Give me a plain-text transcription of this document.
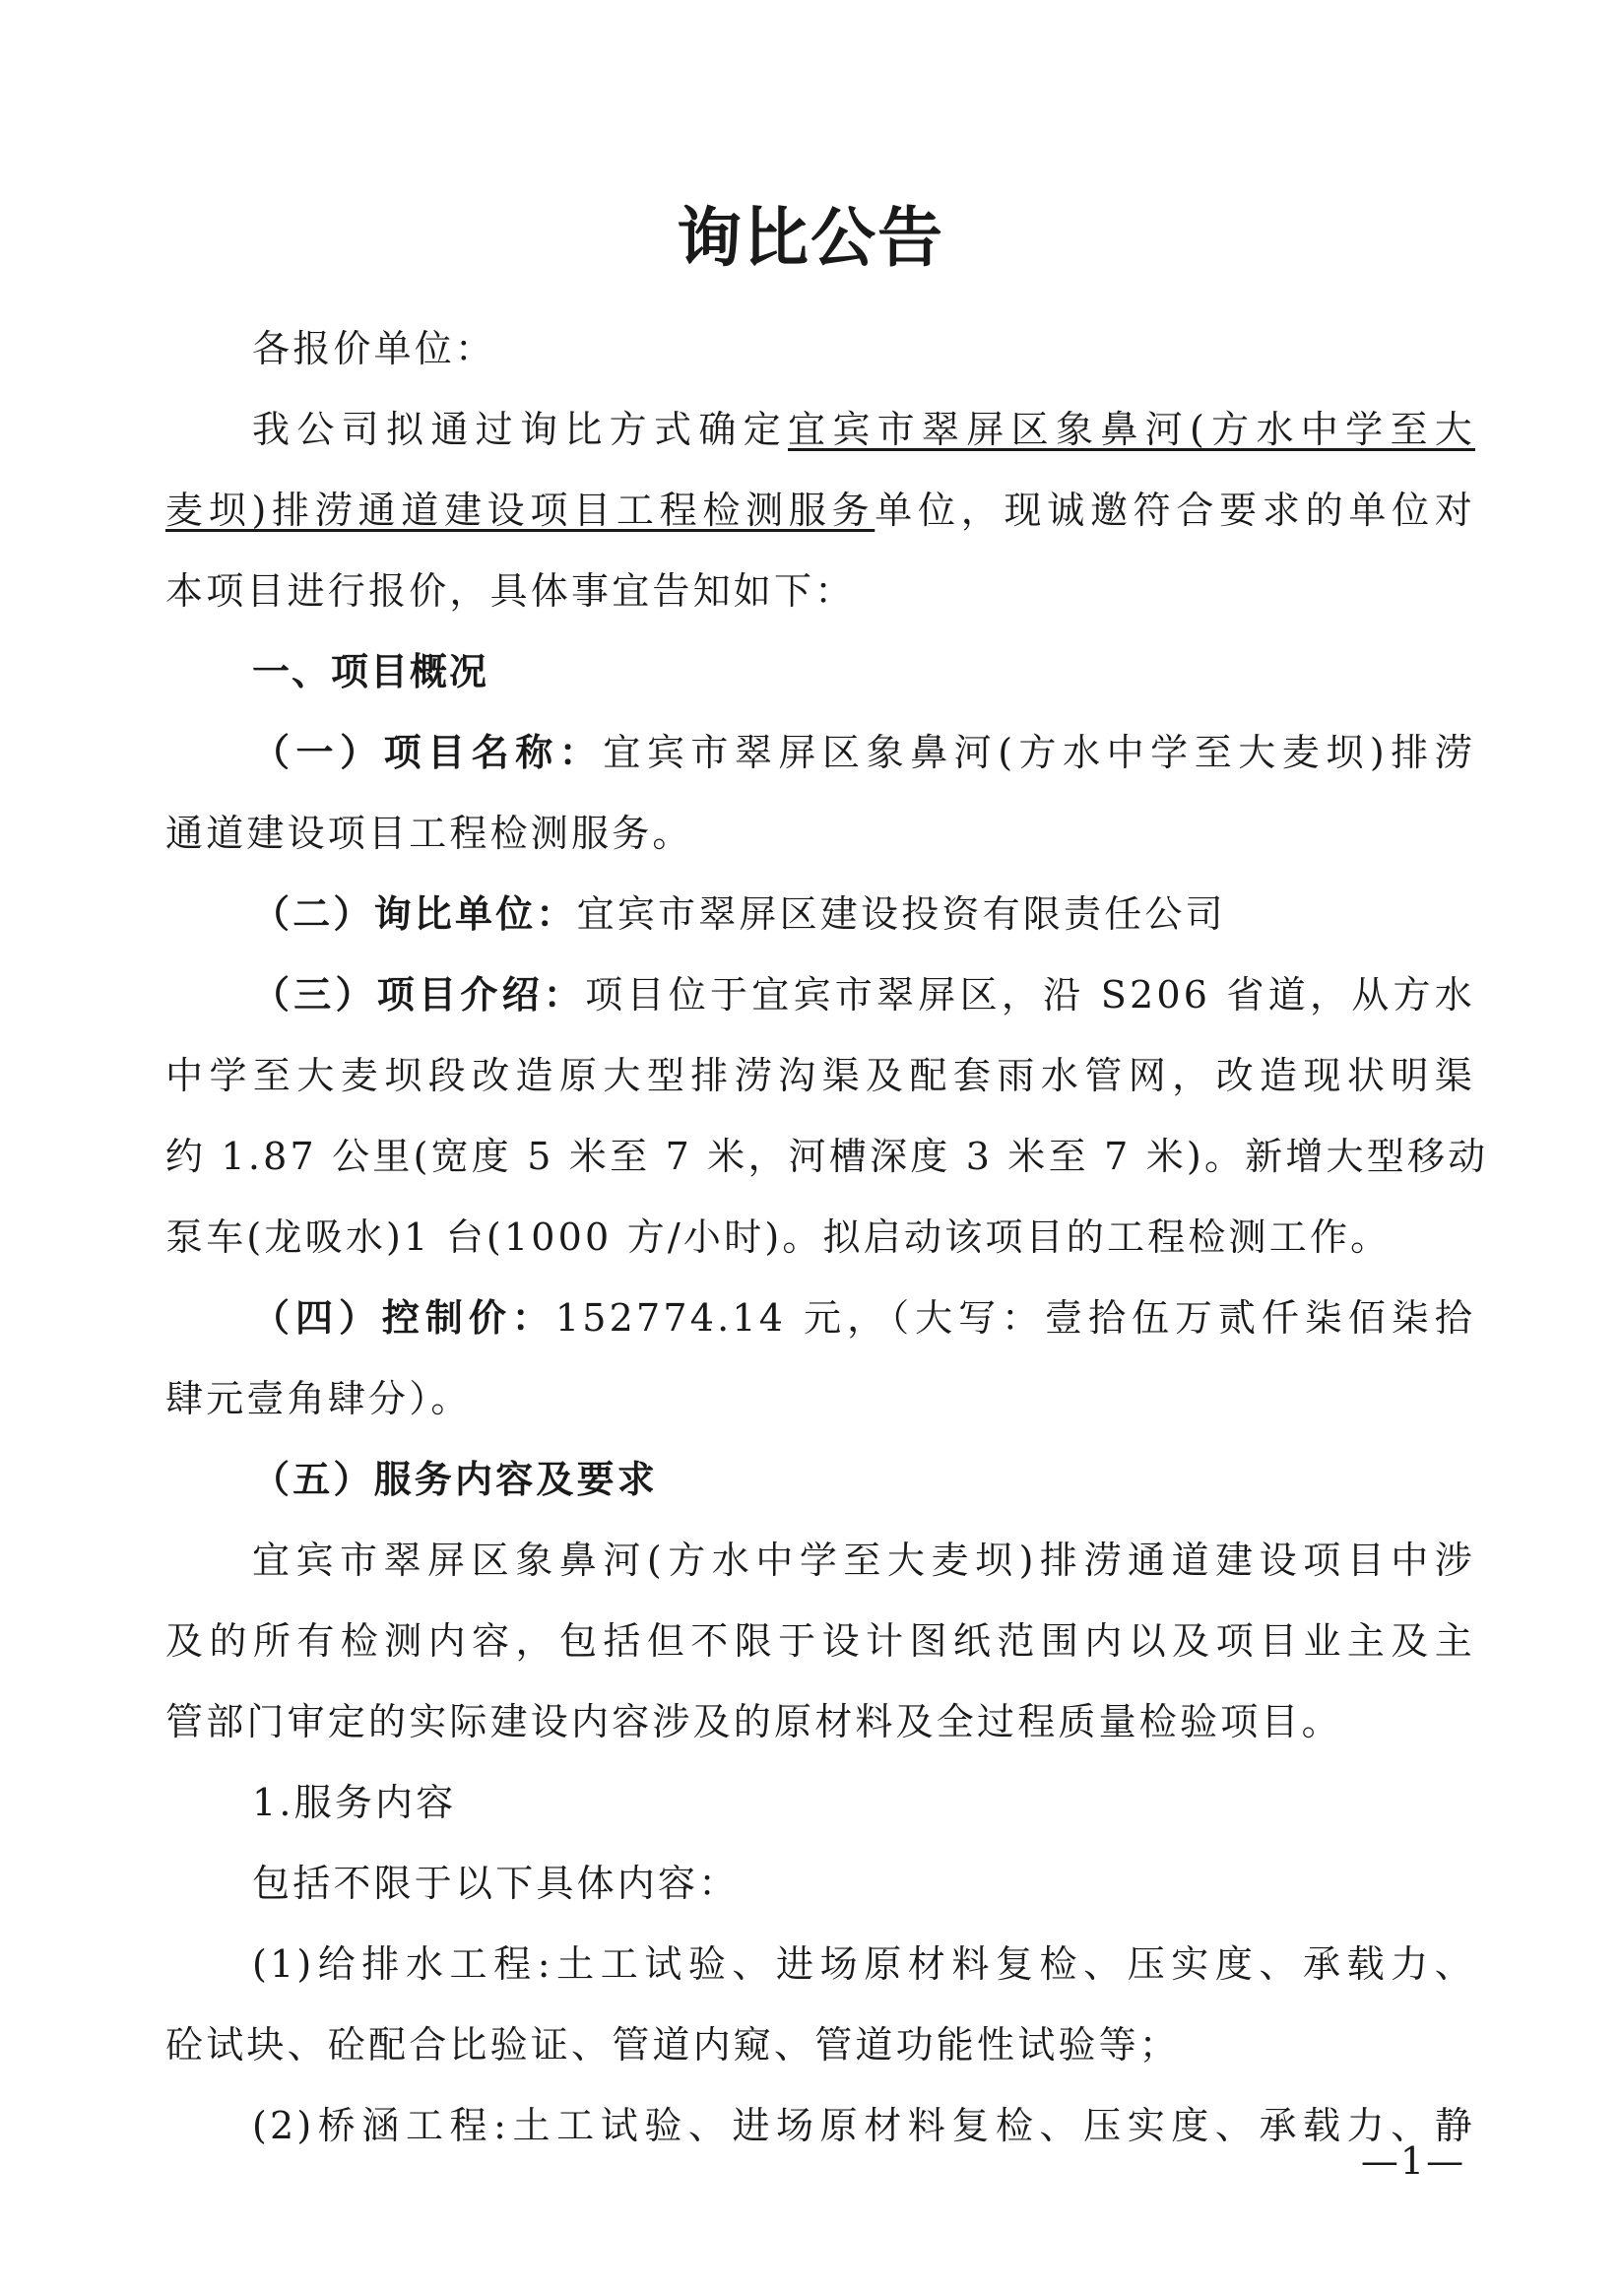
询比公告
各报价单位：
我公司拟通过询比方式确定宜宾市翠屏区象鼻河(方水中学至大
麦坝)排涝通道建设项目工程检测服务单位，现诚邀符合要求的单位对
本项目进行报价，具体事宜告知如下：
一、项目概况
（一）项目名称：宜宾市翠屏区象鼻河(方水中学至大麦坝)排涝
通道建设项目工程检测服务。
（二）询比单位：宜宾市翠屏区建设投资有限责任公司
（三）项目介绍：项目位于宜宾市翠屏区，沿 S206 省道，从方水
中学至大麦坝段改造原大型排涝沟渠及配套雨水管网，改造现状明渠
约 1.87 公里(宽度 5 米至 7 米，河槽深度 3 米至 7 米)。新增大型移动
泵车(龙吸水)1 台(1000 方/小时)。拟启动该项目的工程检测工作。
（四）控制价：152774.14 元，（大写：壹拾伍万贰仟柒佰柒拾
肆元壹角肆分）。
（五）服务内容及要求
宜宾市翠屏区象鼻河(方水中学至大麦坝)排涝通道建设项目中涉
及的所有检测内容，包括但不限于设计图纸范围内以及项目业主及主
管部门审定的实际建设内容涉及的原材料及全过程质量检验项目。
1.服务内容
包括不限于以下具体内容：
(1)给排水工程:土工试验、进场原材料复检、压实度、承载力、
砼试块、砼配合比验证、管道内窥、管道功能性试验等；
(2)桥涵工程:土工试验、进场原材料复检、压实度、承载力、静
—1—
